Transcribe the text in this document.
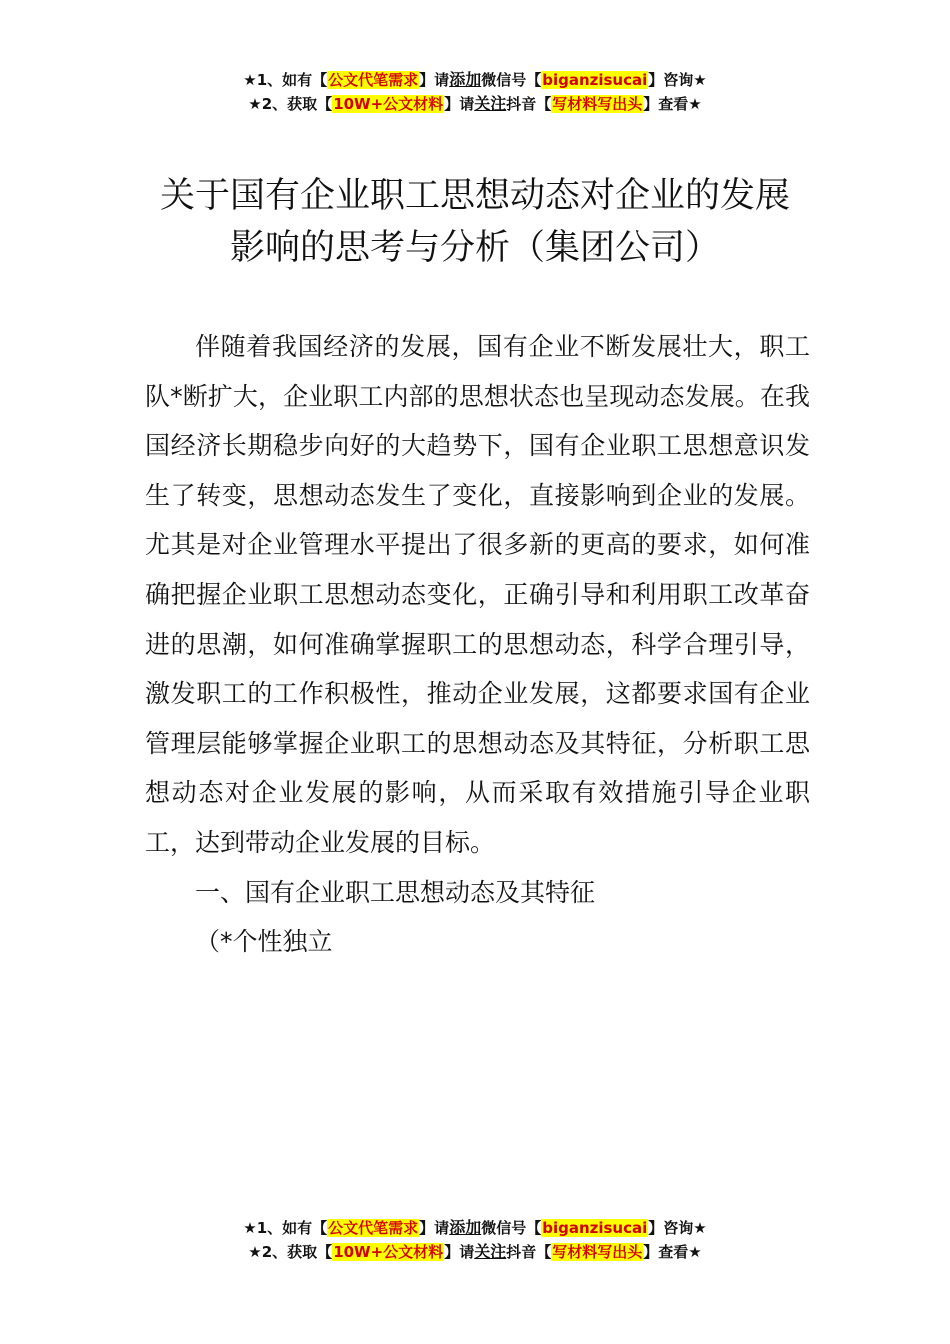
★1、如有【公文代笔需求】请添加微信号【biganzisucai】咨询★
★2、获取【10W+公文材料】请关注抖音【写材料写出头】查看★
关于国有企业职工思想动态对企业的发展
影响的思考与分析（集团公司）

伴随着我国经济的发展，国有企业不断发展壮大，职工队*断扩大，企业职工内部的思想状态也呈现动态发展。在我国经济长期稳步向好的大趋势下，国有企业职工思想意识发生了转变，思想动态发生了变化，直接影响到企业的发展。尤其是对企业管理水平提出了很多新的更高的要求，如何准确把握企业职工思想动态变化，正确引导和利用职工改革奋进的思潮，如何准确掌握职工的思想动态，科学合理引导，激发职工的工作积极性，推动企业发展，这都要求国有企业管理层能够掌握企业职工的思想动态及其特征，分析职工思想动态对企业发展的影响，从而采取有效措施引导企业职工，达到带动企业发展的目标。

一、国有企业职工思想动态及其特征

（*个性独立

★1、如有【公文代笔需求】请添加微信号【biganzisucai】咨询★
★2、获取【10W+公文材料】请关注抖音【写材料写出头】查看★
